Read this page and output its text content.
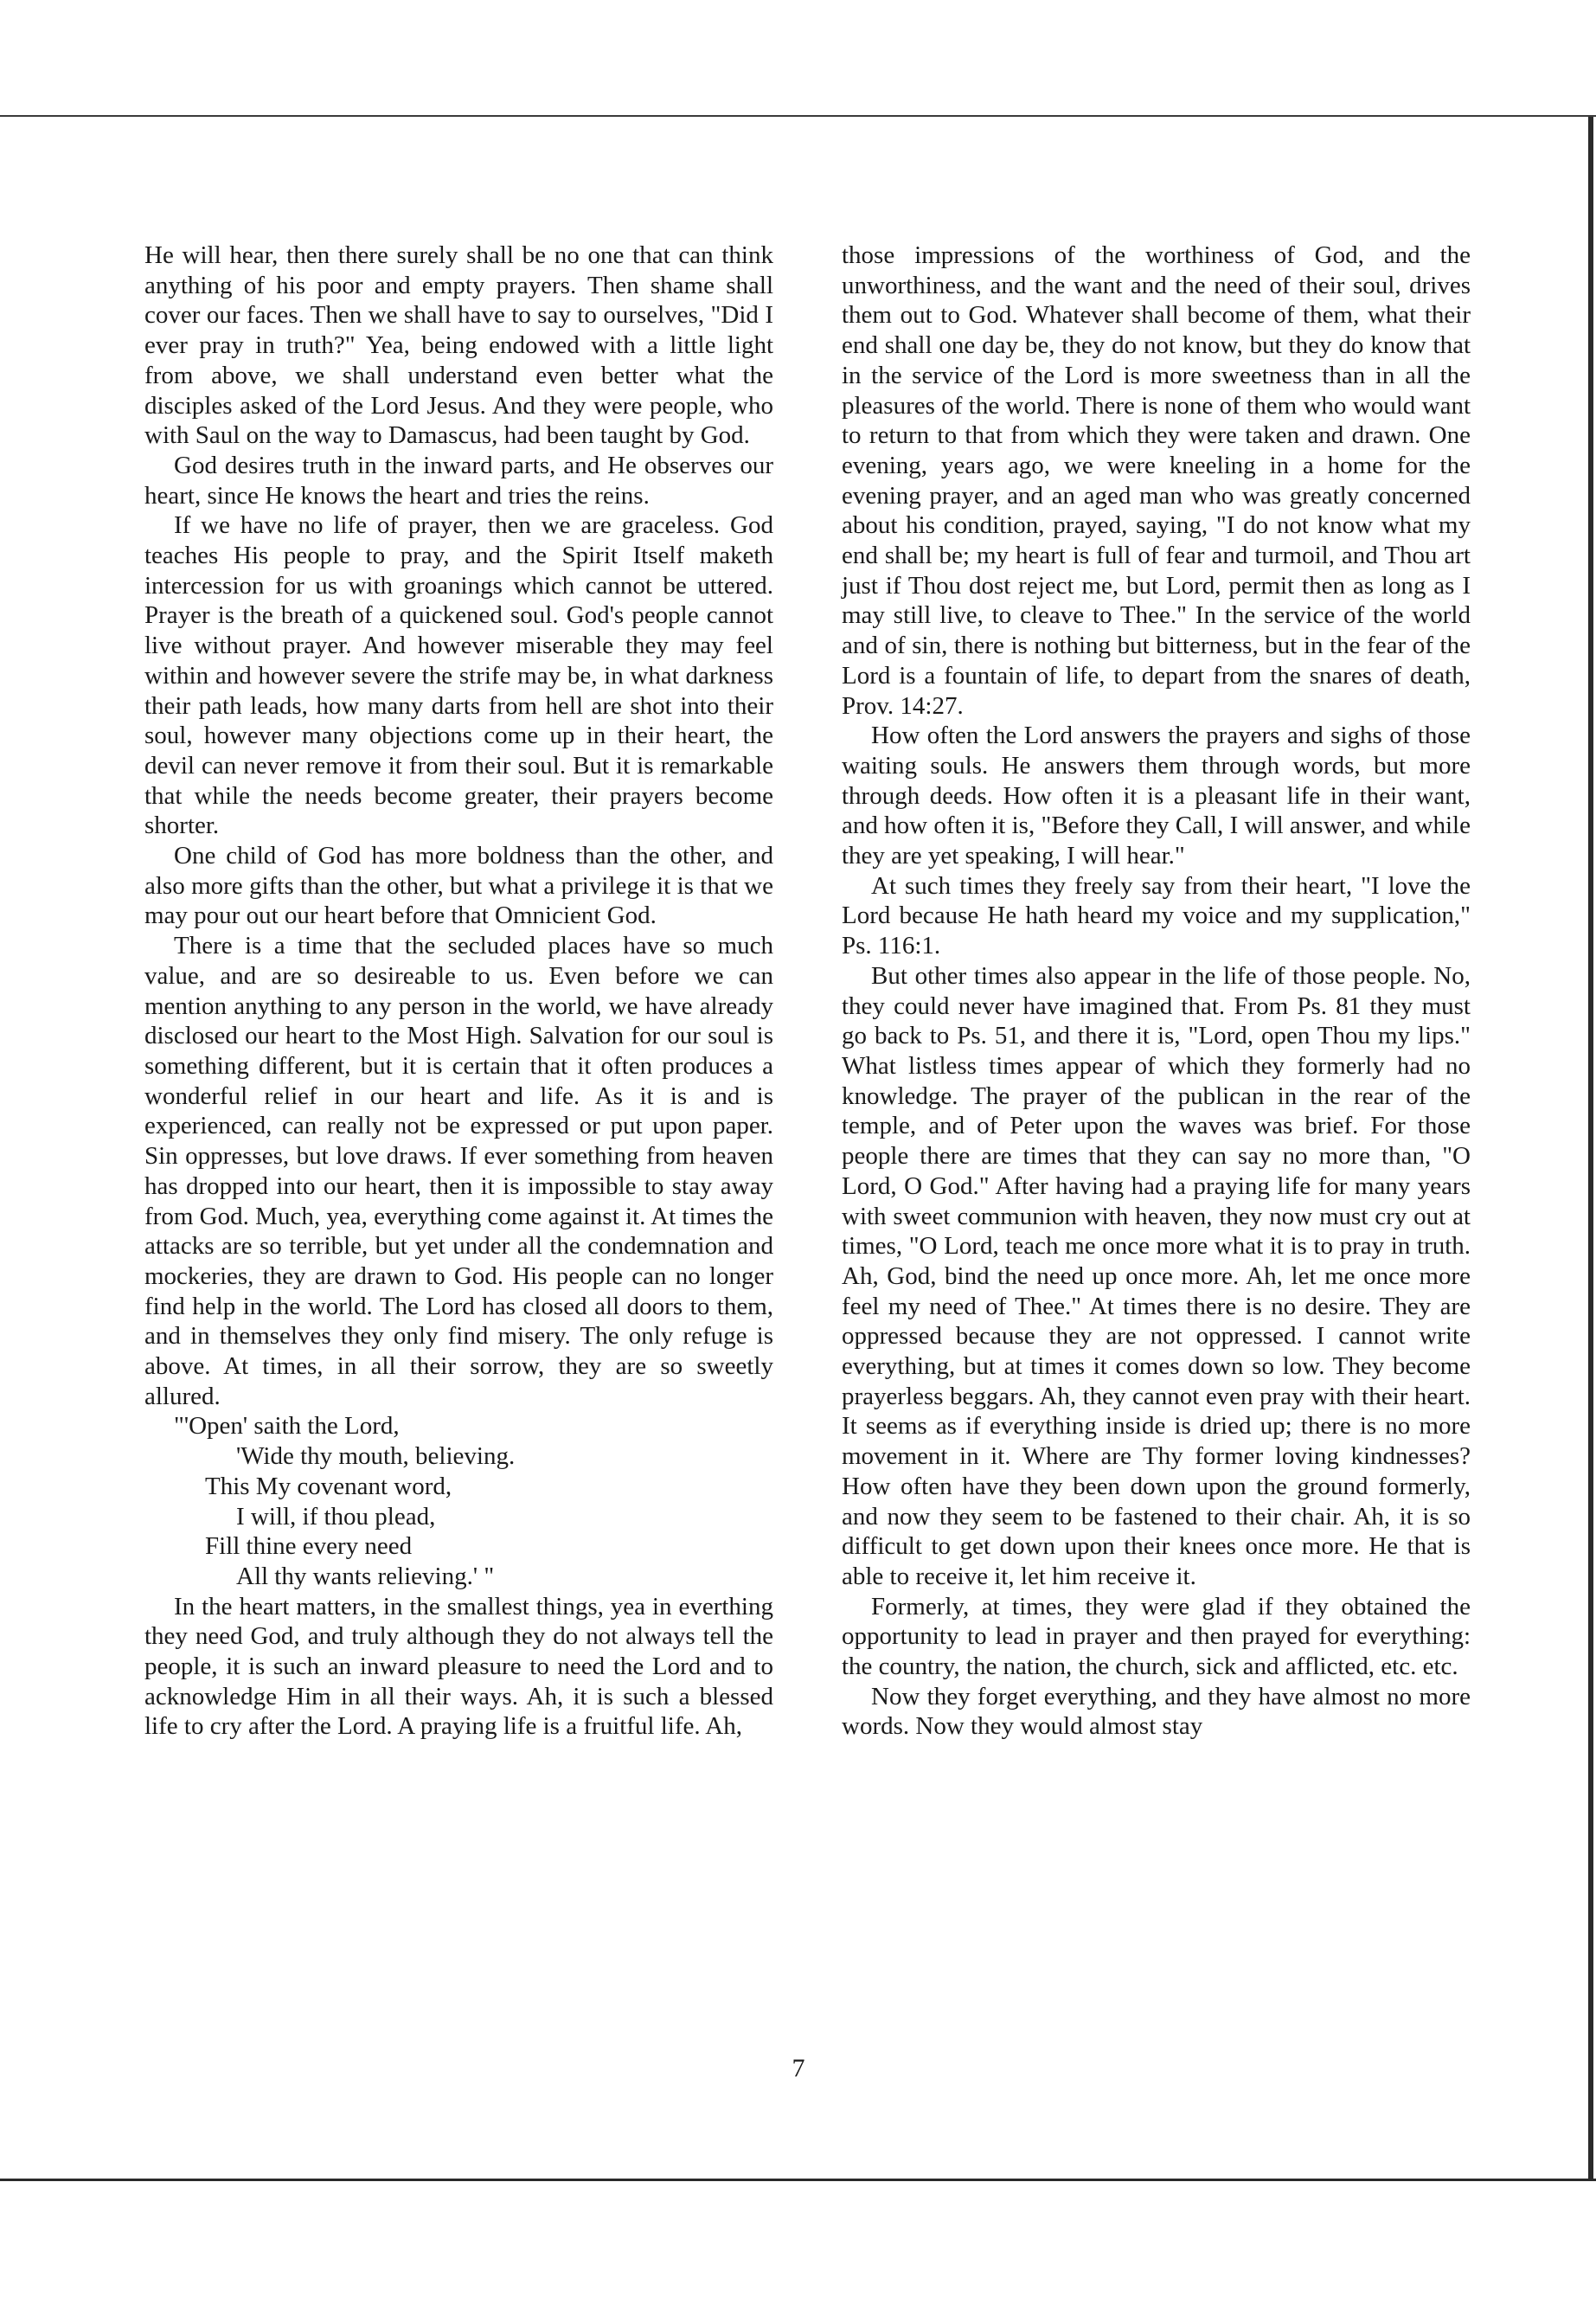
He will hear, then there surely shall be no one that can think anything of his poor and empty prayers. Then shame shall cover our faces. Then we shall have to say to ourselves, "Did I ever pray in truth?" Yea, being endowed with a little light from above, we shall understand even better what the disciples asked of the Lord Jesus. And they were people, who with Saul on the way to Damascus, had been taught by God.

God desires truth in the inward parts, and He observes our heart, since He knows the heart and tries the reins.

If we have no life of prayer, then we are graceless. God teaches His people to pray, and the Spirit Itself maketh intercession for us with groanings which cannot be uttered. Prayer is the breath of a quickened soul. God's people cannot live without prayer. And however miserable they may feel within and however severe the strife may be, in what darkness their path leads, how many darts from hell are shot into their soul, however many objections come up in their heart, the devil can never remove it from their soul. But it is remarkable that while the needs become greater, their prayers become shorter.

One child of God has more boldness than the other, and also more gifts than the other, but what a privilege it is that we may pour out our heart before that Omnicient God.

There is a time that the secluded places have so much value, and are so desireable to us. Even before we can mention anything to any person in the world, we have already disclosed our heart to the Most High. Salvation for our soul is something different, but it is certain that it often produces a wonderful relief in our heart and life. As it is and is experienced, can really not be expressed or put upon paper. Sin oppresses, but love draws. If ever something from heaven has dropped into our heart, then it is impossible to stay away from God. Much, yea, everything come against it. At times the attacks are so terrible, but yet under all the condemnation and mockeries, they are drawn to God. His people can no longer find help in the world. The Lord has closed all doors to them, and in themselves they only find misery. The only refuge is above. At times, in all their sorrow, they are so sweetly allured.

"'Open' saith the Lord,
'Wide thy mouth, believing.
This My covenant word,
I will, if thou plead,
Fill thine every need
All thy wants relieving.' "

In the heart matters, in the smallest things, yea in everthing they need God, and truly although they do not always tell the people, it is such an inward pleasure to need the Lord and to acknowledge Him in all their ways. Ah, it is such a blessed life to cry after the Lord. A praying life is a fruitful life. Ah,

those impressions of the worthiness of God, and the unworthiness, and the want and the need of their soul, drives them out to God. Whatever shall become of them, what their end shall one day be, they do not know, but they do know that in the service of the Lord is more sweetness than in all the pleasures of the world. There is none of them who would want to return to that from which they were taken and drawn. One evening, years ago, we were kneeling in a home for the evening prayer, and an aged man who was greatly concerned about his condition, prayed, saying, "I do not know what my end shall be; my heart is full of fear and turmoil, and Thou art just if Thou dost reject me, but Lord, permit then as long as I may still live, to cleave to Thee." In the service of the world and of sin, there is nothing but bitterness, but in the fear of the Lord is a fountain of life, to depart from the snares of death, Prov. 14:27.

How often the Lord answers the prayers and sighs of those waiting souls. He answers them through words, but more through deeds. How often it is a pleasant life in their want, and how often it is, "Before they Call, I will answer, and while they are yet speaking, I will hear."

At such times they freely say from their heart, "I love the Lord because He hath heard my voice and my supplication," Ps. 116:1.

But other times also appear in the life of those people. No, they could never have imagined that. From Ps. 81 they must go back to Ps. 51, and there it is, "Lord, open Thou my lips." What listless times appear of which they formerly had no knowledge. The prayer of the publican in the rear of the temple, and of Peter upon the waves was brief. For those people there are times that they can say no more than, "O Lord, O God." After having had a praying life for many years with sweet communion with heaven, they now must cry out at times, "O Lord, teach me once more what it is to pray in truth. Ah, God, bind the need up once more. Ah, let me once more feel my need of Thee." At times there is no desire. They are oppressed because they are not oppressed. I cannot write everything, but at times it comes down so low. They become prayerless beggars. Ah, they cannot even pray with their heart. It seems as if everything inside is dried up; there is no more movement in it. Where are Thy former loving kindnesses? How often have they been down upon the ground formerly, and now they seem to be fastened to their chair. Ah, it is so difficult to get down upon their knees once more. He that is able to receive it, let him receive it.

Formerly, at times, they were glad if they obtained the opportunity to lead in prayer and then prayed for everything: the country, the nation, the church, sick and afflicted, etc. etc.

Now they forget everything, and they have almost no more words. Now they would almost stay

7
